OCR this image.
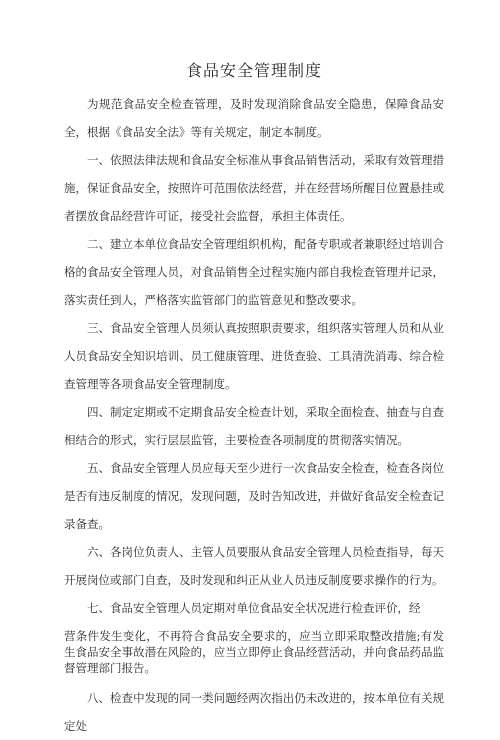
食品安全管理制度

为规范食品安全检查管理，及时发现消除食品安全隐患，保障食品安全，根据《食品安全法》等有关规定，制定本制度。

一、依照法律法规和食品安全标准从事食品销售活动，采取有效管理措施，保证食品安全，按照许可范围依法经营，并在经营场所醒目位置悬挂或者摆放食品经营许可证，接受社会监督，承担主体责任。

二、建立本单位食品安全管理组织机构，配备专职或者兼职经过培训合格的食品安全管理人员，对食品销售全过程实施内部自我检查管理并记录，落实责任到人，严格落实监管部门的监管意见和整改要求。

三、食品安全管理人员须认真按照职责要求，组织落实管理人员和从业人员食品安全知识培训、员工健康管理、进货查验、工具清洗消毒、综合检查管理等各项食品安全管理制度。

四、制定定期或不定期食品安全检查计划，采取全面检查、抽查与自查相结合的形式，实行层层监管，主要检查各项制度的贯彻落实情况。

五、食品安全管理人员应每天至少进行一次食品安全检查，检查各岗位是否有违反制度的情况，发现问题，及时告知改进，并做好食品安全检查记录备查。

六、各岗位负责人、主管人员要服从食品安全管理人员检查指导，每天开展岗位或部门自查，及时发现和纠正从业人员违反制度要求操作的行为。

七、食品安全管理人员定期对单位食品安全状况进行检查评价，经

营条件发生变化，不再符合食品安全要求的，应当立即采取整改措施;有发生食品安全事故潜在风险的，应当立即停止食品经营活动，并向食品药品监督管理部门报告。

八、检查中发现的同一类问题经两次指出仍未改进的，按本单位有关规定处
